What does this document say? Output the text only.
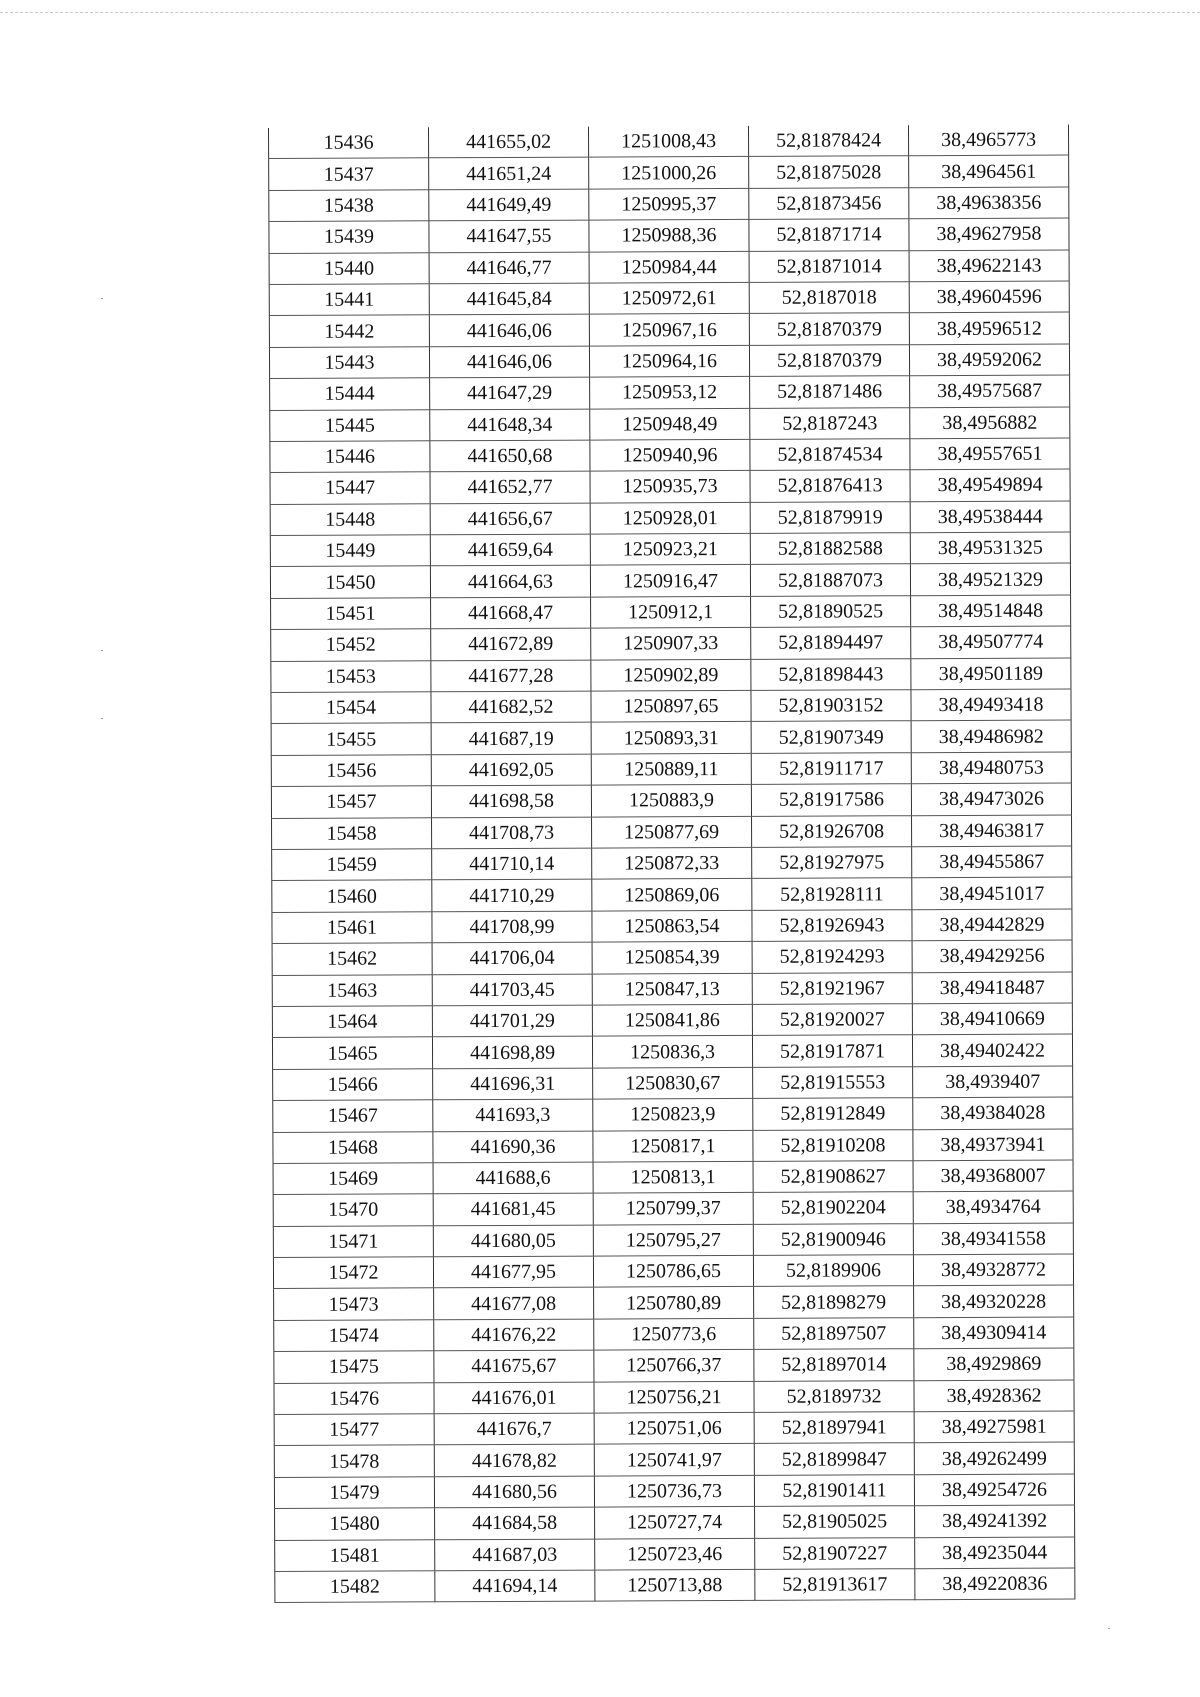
15436	441655,02	1251008,43	52,81878424	38,4965773
15437	441651,24	1251000,26	52,81875028	38,4964561
15438	441649,49	1250995,37	52,81873456	38,49638356
15439	441647,55	1250988,36	52,81871714	38,49627958
15440	441646,77	1250984,44	52,81871014	38,49622143
15441	441645,84	1250972,61	52,8187018	38,49604596
15442	441646,06	1250967,16	52,81870379	38,49596512
15443	441646,06	1250964,16	52,81870379	38,49592062
15444	441647,29	1250953,12	52,81871486	38,49575687
15445	441648,34	1250948,49	52,8187243	38,4956882
15446	441650,68	1250940,96	52,81874534	38,49557651
15447	441652,77	1250935,73	52,81876413	38,49549894
15448	441656,67	1250928,01	52,81879919	38,49538444
15449	441659,64	1250923,21	52,81882588	38,49531325
15450	441664,63	1250916,47	52,81887073	38,49521329
15451	441668,47	1250912,1	52,81890525	38,49514848
15452	441672,89	1250907,33	52,81894497	38,49507774
15453	441677,28	1250902,89	52,81898443	38,49501189
15454	441682,52	1250897,65	52,81903152	38,49493418
15455	441687,19	1250893,31	52,81907349	38,49486982
15456	441692,05	1250889,11	52,81911717	38,49480753
15457	441698,58	1250883,9	52,81917586	38,49473026
15458	441708,73	1250877,69	52,81926708	38,49463817
15459	441710,14	1250872,33	52,81927975	38,49455867
15460	441710,29	1250869,06	52,81928111	38,49451017
15461	441708,99	1250863,54	52,81926943	38,49442829
15462	441706,04	1250854,39	52,81924293	38,49429256
15463	441703,45	1250847,13	52,81921967	38,49418487
15464	441701,29	1250841,86	52,81920027	38,49410669
15465	441698,89	1250836,3	52,81917871	38,49402422
15466	441696,31	1250830,67	52,81915553	38,4939407
15467	441693,3	1250823,9	52,81912849	38,49384028
15468	441690,36	1250817,1	52,81910208	38,49373941
15469	441688,6	1250813,1	52,81908627	38,49368007
15470	441681,45	1250799,37	52,81902204	38,4934764
15471	441680,05	1250795,27	52,81900946	38,49341558
15472	441677,95	1250786,65	52,8189906	38,49328772
15473	441677,08	1250780,89	52,81898279	38,49320228
15474	441676,22	1250773,6	52,81897507	38,49309414
15475	441675,67	1250766,37	52,81897014	38,4929869
15476	441676,01	1250756,21	52,8189732	38,4928362
15477	441676,7	1250751,06	52,81897941	38,49275981
15478	441678,82	1250741,97	52,81899847	38,49262499
15479	441680,56	1250736,73	52,81901411	38,49254726
15480	441684,58	1250727,74	52,81905025	38,49241392
15481	441687,03	1250723,46	52,81907227	38,49235044
15482	441694,14	1250713,88	52,81913617	38,49220836
